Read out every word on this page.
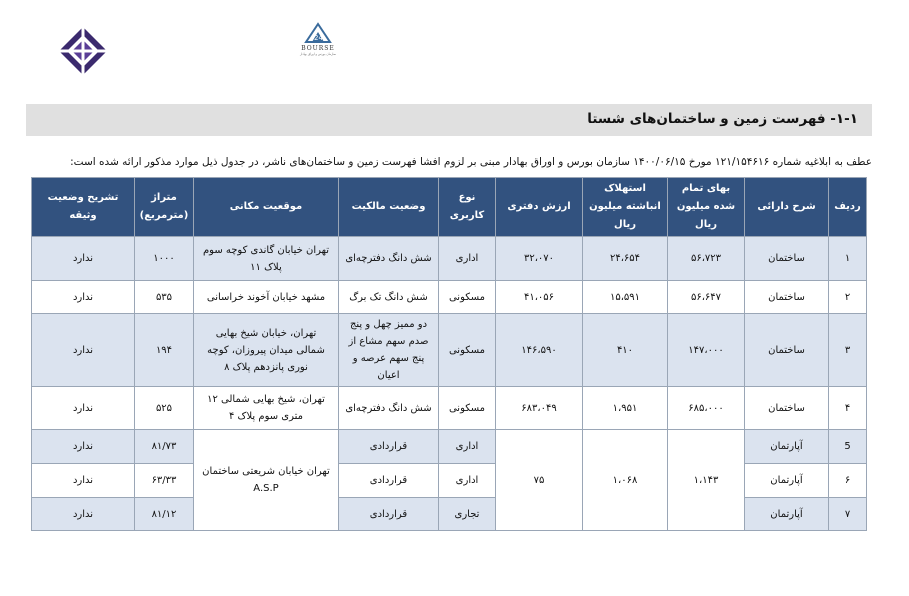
24
BOURSE
سازمان بورس و اوراق بهادار
۱-۱- فهرست زمین و ساختمان‌های شستا
عطف به ابلاغیه شماره ۱۲۱/۱۵۴۶۱۶ مورخ ۱۴۰۰/۰۶/۱۵ سازمان بورس و اوراق بهادار مبنی بر لزوم افشا فهرست زمین و ساختمان‌های ناشر، در جدول ذیل موارد مذکور ارائه شده است:
ردیف	شرح دارائی	بهای تمام شده میلیون ریال	استهلاک انباشته میلیون ریال	ارزش دفتری	نوع کاربری	وضعیت مالکیت	موقعیت مکانی	متراژ (مترمربع)	تشریح وضعیت وثیقه
۱	ساختمان	۵۶،۷۲۳	۲۴،۶۵۴	۳۲،۰۷۰	اداری	شش دانگ دفترچه‌ای	تهران خیابان گاندی کوچه سوم پلاک ۱۱	۱۰۰۰	ندارد
۲	ساختمان	۵۶،۶۴۷	۱۵،۵۹۱	۴۱،۰۵۶	مسکونی	شش دانگ تک برگ	مشهد خیابان آخوند خراسانی	۵۳۵	ندارد
۳	ساختمان	۱۴۷،۰۰۰	۴۱۰	۱۴۶،۵۹۰	مسکونی	دو ممیز چهل و پنج صدم سهم مشاع از پنج سهم عرصه و اعیان	تهران، خیابان شیخ بهایی شمالی میدان پیروزان، کوچه نوری پانزدهم پلاک ۸	۱۹۴	ندارد
۴	ساختمان	۶۸۵،۰۰۰	۱،۹۵۱	۶۸۳،۰۴۹	مسکونی	شش دانگ دفترچه‌ای	تهران، شیخ بهایی شمالی ۱۲ متری سوم پلاک ۴	۵۲۵	ندارد
5	آپارتمان	۱،۱۴۳	۱،۰۶۸	۷۵	اداری	قراردادی	تهران خیابان شریعتی ساختمان A.S.P	۸۱/۷۳	ندارد
۶	آپارتمان				اداری	قراردادی		۶۳/۳۳	ندارد
۷	آپارتمان				تجاری	قراردادی		۸۱/۱۲	ندارد
